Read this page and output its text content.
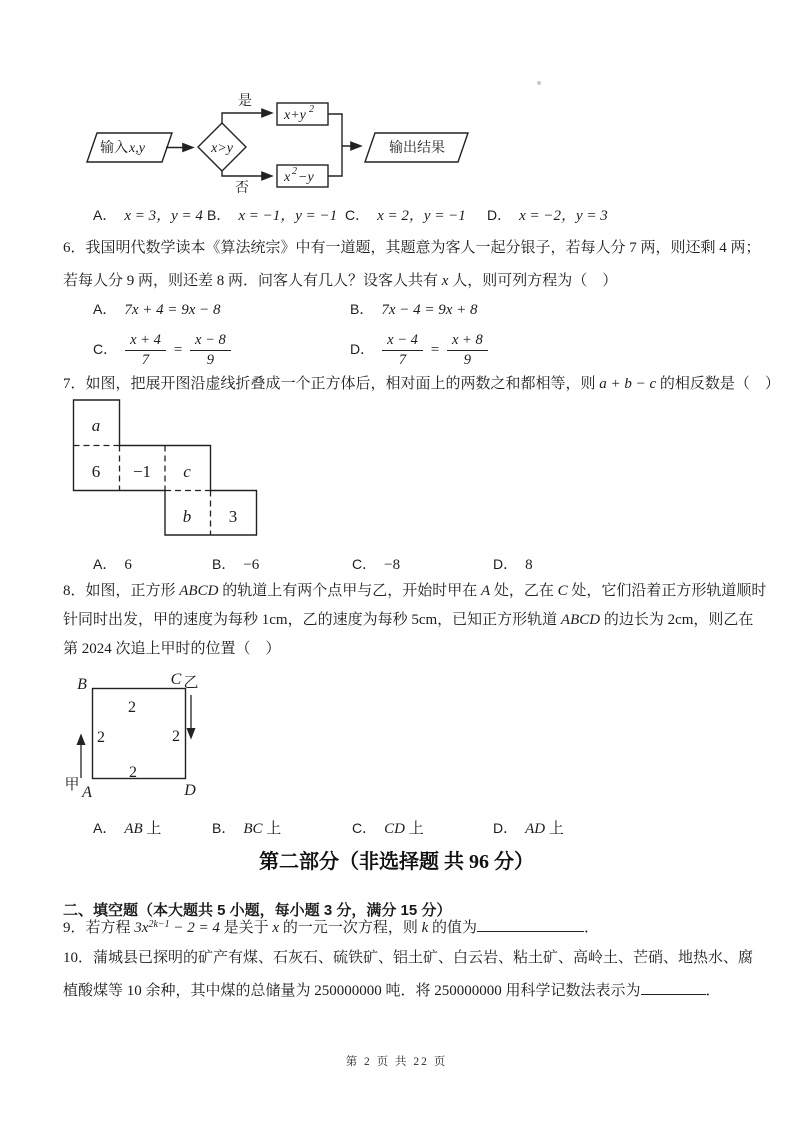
输入 x,y	x>y
是
否
x+y 2
x 2 −y
输出结果
A． x = 3，y = 4 B． x = −1，y = −1 C． x = 2，y = −1 D． x = −2，y = 3
6．我国明代数学读本《算法统宗》中有一道题，其题意为客人一起分银子，若每人分 7 两，则还剩 4 两；
若每人分 9 两，则还差 8 两．问客人有几人？设客人共有 x 人，则可列方程为（　）
A． 7x + 4 = 9x − 8	B． 7x − 4 = 9x + 8
C． $\frac{x + 4}{7} = \frac{x - 8}{9}$	D． $\frac{x - 4}{7} = \frac{x + 8}{9}$
7．如图，把展开图沿虚线折叠成一个正方体后，相对面上的两数之和都相等，则 a + b − c 的相反数是（　）
a
6 −1 c
b 3
A． 6	B． −6	C． −8	D． 8
8．如图，正方形 ABCD 的轨道上有两个点甲与乙，开始时甲在 A 处，乙在 C 处，它们沿着正方形轨道顺时
针同时出发，甲的速度为每秒 1cm，乙的速度为每秒 5cm，已知正方形轨道 ABCD 的边长为 2cm，则乙在
第 2024 次追上甲时的位置（　）
B	C 乙
甲 A	D
2
2	2
2
A． AB 上	B． BC 上	C． CD 上	D． AD 上
第二部分（非选择题 共 96 分）
二、填空题（本大题共 5 小题，每小题 3 分，满分 15 分）
9．若方程 $3x^{2k-1} - 2 = 4$ 是关于 x 的一元一次方程，则 k 的值为	．
10．蒲城县已探明的矿产有煤、石灰石、硫铁矿、铝土矿、白云岩、粘土矿、高岭土、芒硝、地热水、腐
植酸煤等 10 余种，其中煤的总储量为 250000000 吨．将 250000000 用科学记数法表示为	．
第 2 页 共 22 页
